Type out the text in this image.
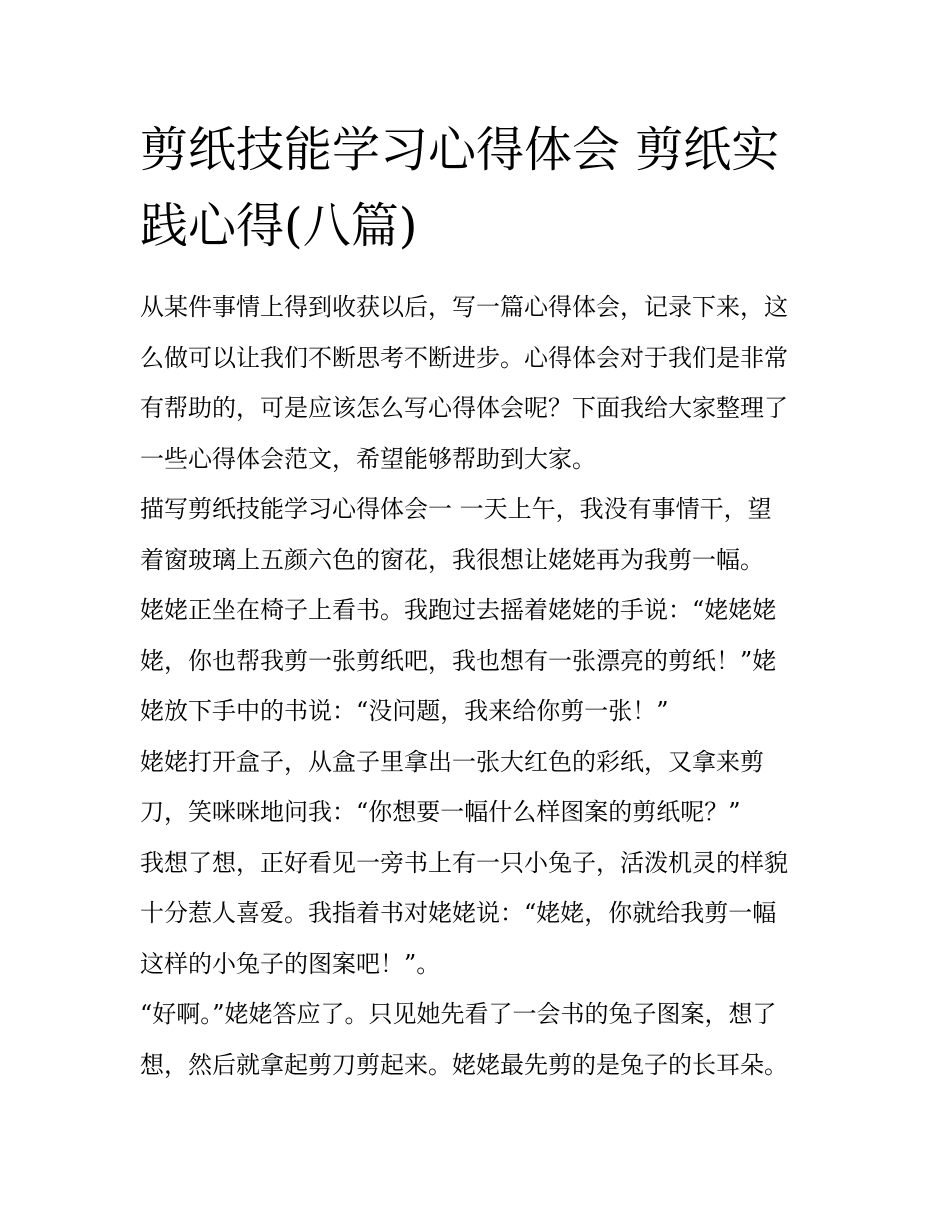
剪纸技能学习心得体会 剪纸实
践心得(八篇)
从某件事情上得到收获以后，写一篇心得体会，记录下来，这
么做可以让我们不断思考不断进步。心得体会对于我们是非常
有帮助的，可是应该怎么写心得体会呢？下面我给大家整理了
一些心得体会范文，希望能够帮助到大家。
描写剪纸技能学习心得体会一 一天上午，我没有事情干，望
着窗玻璃上五颜六色的窗花，我很想让姥姥再为我剪一幅。
姥姥正坐在椅子上看书。我跑过去摇着姥姥的手说：“姥姥姥
姥，你也帮我剪一张剪纸吧，我也想有一张漂亮的剪纸！”姥
姥放下手中的书说：“没问题，我来给你剪一张！”
姥姥打开盒子，从盒子里拿出一张大红色的彩纸，又拿来剪
刀，笑咪咪地问我：“你想要一幅什么样图案的剪纸呢？”
我想了想，正好看见一旁书上有一只小兔子，活泼机灵的样貌
十分惹人喜爱。我指着书对姥姥说：“姥姥，你就给我剪一幅
这样的小兔子的图案吧！”。
“好啊。”姥姥答应了。只见她先看了一会书的兔子图案，想了
想，然后就拿起剪刀剪起来。姥姥最先剪的是兔子的长耳朵。
